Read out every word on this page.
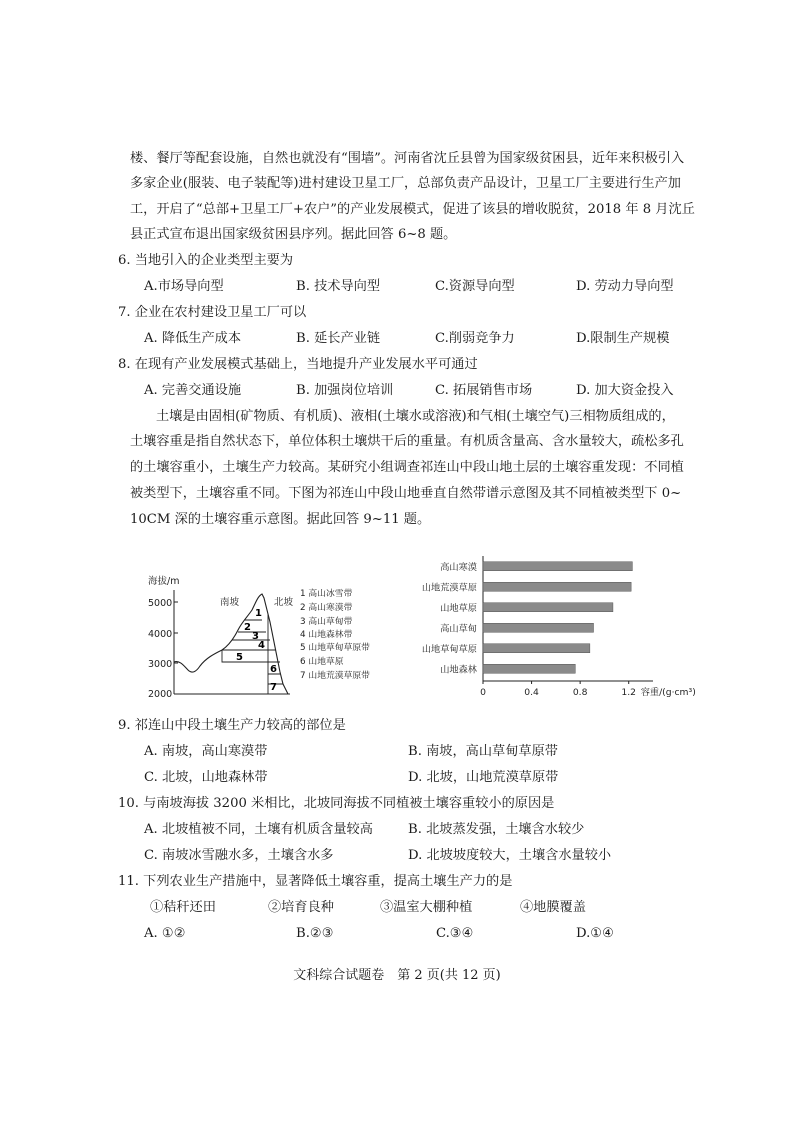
楼、餐厅等配套设施，自然也就没有“围墙”。河南省沈丘县曾为国家级贫困县，近年来积极引入
多家企业(服装、电子装配等)进村建设卫星工厂，总部负责产品设计，卫星工厂主要进行生产加
工，开启了“总部+卫星工厂+农户”的产业发展模式，促进了该县的增收脱贫，2018 年 8 月沈丘
县正式宣布退出国家级贫困县序列。据此回答 6~8 题。
6. 当地引入的企业类型主要为
A.市场导向型	B. 技术导向型	C.资源导向型	D. 劳动力导向型
7. 企业在农村建设卫星工厂可以
A. 降低生产成本	B. 延长产业链	C.削弱竞争力	D.限制生产规模
8. 在现有产业发展模式基础上，当地提升产业发展水平可通过
A. 完善交通设施	B. 加强岗位培训	C. 拓展销售市场	D. 加大资金投入
土壤是由固相(矿物质、有机质)、液相(土壤水或溶液)和气相(土壤空气)三相物质组成的，
土壤容重是指自然状态下，单位体积土壤烘干后的重量。有机质含量高、含水量较大，疏松多孔
的土壤容重小，土壤生产力较高。某研究小组调查祁连山中段山地土层的土壤容重发现：不同植
被类型下，土壤容重不同。下图为祁连山中段山地垂直自然带谱示意图及其不同植被类型下 0~
10CM 深的土壤容重示意图。据此回答 9~11 题。
海拔/m
5000
4000
3000
2000
南坡	北坡
1
2
3
4
5
6
7
1 高山冰雪带
2 高山寒漠带
3 高山草甸带
4 山地森林带
5 山地草甸草原带
6 山地草原
7 山地荒漠草原带
高山寒漠
山地荒漠草原
山地草原
高山草甸
山地草甸草原
山地森林
0	0.4	0.8	1.2 容重/(g·cm³)
9. 祁连山中段土壤生产力较高的部位是
A. 南坡，高山寒漠带	B. 南坡，高山草甸草原带
C. 北坡，山地森林带	D. 北坡，山地荒漠草原带
10. 与南坡海拔 3200 米相比，北坡同海拔不同植被土壤容重较小的原因是
A. 北坡植被不同，土壤有机质含量较高	B. 北坡蒸发强，土壤含水较少
C. 南坡冰雪融水多，土壤含水多	D. 北坡坡度较大，土壤含水量较小
11. 下列农业生产措施中，显著降低土壤容重，提高土壤生产力的是
①秸秆还田	②培育良种	③温室大棚种植	④地膜覆盖
A. ①②	B.②③	C.③④	D.①④
文科综合试题卷　第 2 页(共 12 页)
